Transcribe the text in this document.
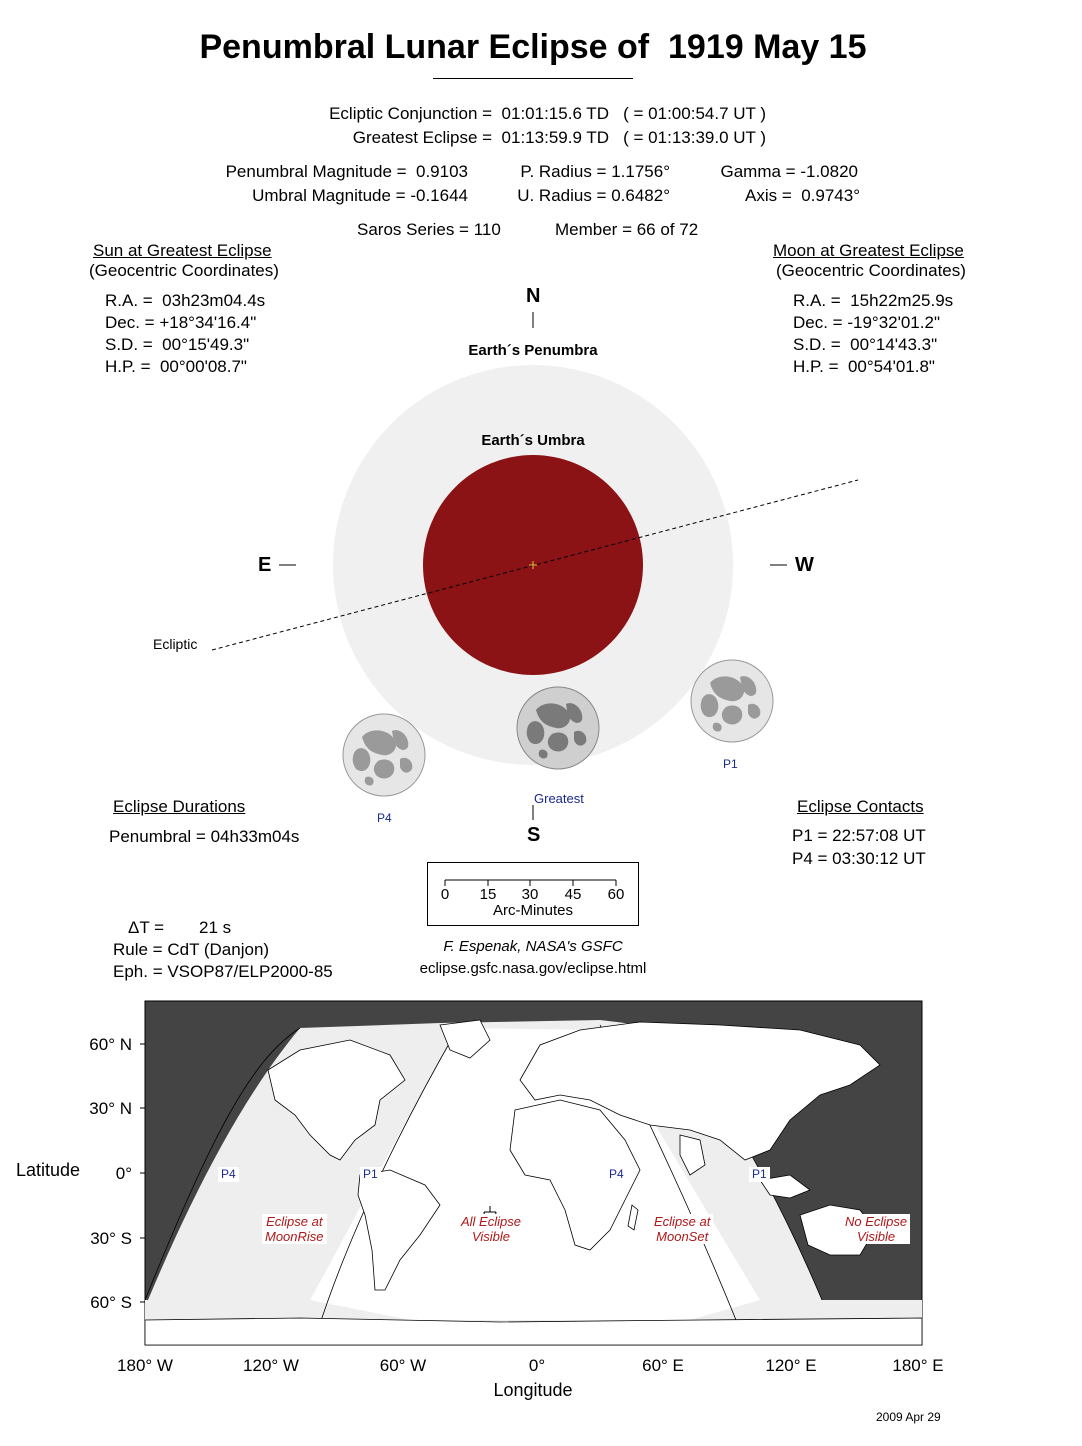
Penumbral Lunar Eclipse of  1919 May 15
Ecliptic Conjunction =  01:01:15.6 TD   ( = 01:00:54.7 UT )
Greatest Eclipse =  01:13:59.9 TD   ( = 01:13:39.0 UT )
Penumbral Magnitude =  0.9103
Umbral Magnitude = -0.1644
P. Radius = 1.1756°
U. Radius = 0.6482°
Gamma = -1.0820
Axis =  0.9743°
Saros Series = 110	Member = 66 of 72
Sun at Greatest Eclipse
(Geocentric Coordinates)
R.A. =  03h23m04.4s
Dec. = +18°34'16.4"
S.D. =  00°15'49.3"
H.P. =  00°00'08.7"
Moon at Greatest Eclipse
(Geocentric Coordinates)
R.A. =  15h22m25.9s
Dec. = -19°32'01.2"
S.D. =  00°14'43.3"
H.P. =  00°54'01.8"
N
S
E	W
Earth´s Penumbra
Earth´s Umbra
Ecliptic
P1
P4
Greatest
Eclipse Durations
Penumbral = 04h33m04s
Eclipse Contacts
P1 = 22:57:08 UT
P4 = 03:30:12 UT
0	15	30	45	60
Arc-Minutes
ΔT = 21 s
Rule = CdT (Danjon)
Eph. = VSOP87/ELP2000-85
F. Espenak, NASA's GSFC
eclipse.gsfc.nasa.gov/eclipse.html
Eclipse at
MoonRise
All Eclipse
Visible
Eclipse at
MoonSet
No Eclipse
Visible
P4	P1	P4	P1
60° N
30° N
0°
30° S
60° S
Latitude
180° W	120° W	60° W	0°	60° E	120° E	180° E
Longitude
2009 Apr 29
